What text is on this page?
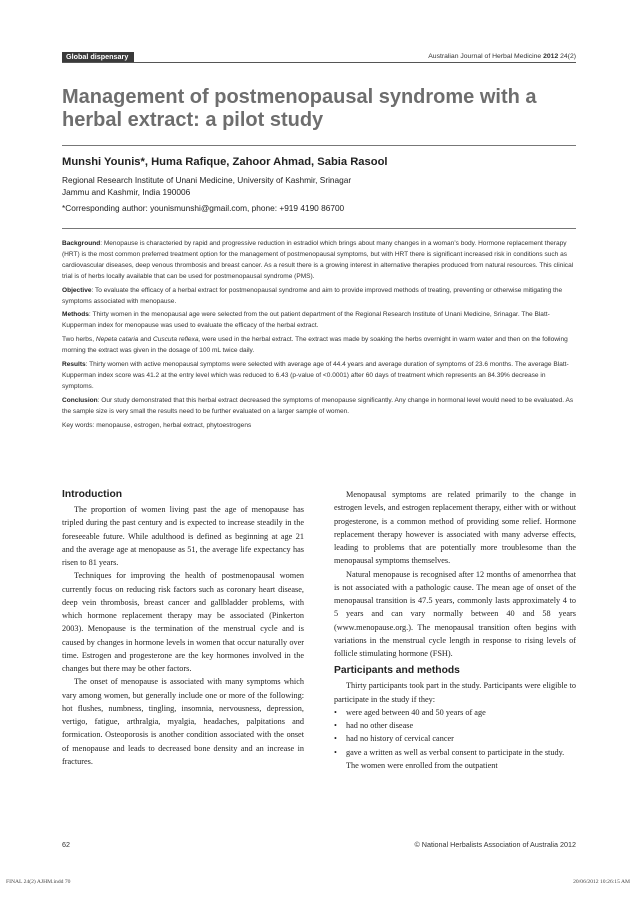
Global dispensary	Australian Journal of Herbal Medicine 2012 24(2)
Management of postmenopausal syndrome with a herbal extract: a pilot study
Munshi Younis*, Huma Rafique, Zahoor Ahmad, Sabia Rasool
Regional Research Institute of Unani Medicine, University of Kashmir, Srinagar
Jammu and Kashmir, India 190006
*Corresponding author: younismunshi@gmail.com, phone: +919 4190 86700

Background: Menopause is characteried by rapid and progressive reduction in estradiol which brings about many changes in a woman’s body. Hormone replacement therapy (HRT) is the most common preferred treatment option for the management of postmenopausal symptoms, but with HRT there is significant increased risk in conditions such as cardiovascular diseases, deep venous thrombosis and breast cancer. As a result there is a growing interest in alternative therapies produced from natural resources. This clinical trial is of herbs locally available that can be used for postmenopausal syndrome (PMS).

Objective: To evaluate the efficacy of a herbal extract for postmenopausal syndrome and aim to provide improved methods of treating, preventing or otherwise mitigating the symptoms associated with menopause.

Methods: Thirty women in the menopausal age were selected from the out patient department of the Regional Research Institute of Unani Medicine, Srinagar. The Blatt-Kupperman index for menopause was used to evaluate the efficacy of the herbal extract.

Two herbs, Nepeta cataria and Cuscuta reflexa, were used in the herbal extract. The extract was made by soaking the herbs overnight in warm water and then on the following morning the extract was given in the dosage of 100 mL twice daily.

Results: Thirty women with active menopausal symptoms were selected with average age of 44.4 years and average duration of symptoms of 23.6 months. The average Blatt-Kupperman index score was 41.2 at the entry level which was reduced to 6.43 (p-value of <0.0001) after 60 days of treatment which represents an 84.39% decrease in symptoms.

Conclusion: Our study demonstrated that this herbal extract decreased the symptoms of menopause significantly. Any change in hormonal level would need to be evaluated. As the sample size is very small the results need to be further evaluated on a larger sample of women.

Key words: menopause, estrogen, herbal extract, phytoestrogens

Introduction

The proportion of women living past the age of menopause has tripled during the past century and is expected to increase steadily in the foreseeable future. While adulthood is defined as beginning at age 21 and the average age at menopause as 51, the average life expectancy has risen to 81 years.

Techniques for improving the health of postmenopausal women currently focus on reducing risk factors such as coronary heart disease, deep vein thrombosis, breast cancer and gallbladder problems, with which hormone replacement therapy may be associated (Pinkerton 2003). Menopause is the termination of the menstrual cycle and is caused by changes in hormone levels in women that occur naturally over time. Estrogen and progesterone are the key hormones involved in the changes but there may be other factors.

The onset of menopause is associated with many symptoms which vary among women, but generally include one or more of the following: hot flushes, numbness, tingling, insomnia, nervousness, depression, vertigo, fatigue, arthralgia, myalgia, headaches, palpitations and formication. Osteoporosis is another condition associated with the onset of menopause and leads to decreased bone density and an increase in fractures.

Menopausal symptoms are related primarily to the change in estrogen levels, and estrogen replacement therapy, either with or without progesterone, is a common method of providing some relief. Hormone replacement therapy however is associated with many adverse effects, leading to problems that are potentially more troublesome than the menopausal symptoms themselves.

Natural menopause is recognised after 12 months of amenorrhea that is not associated with a pathologic cause. The mean age of onset of the menopausal transition is 47.5 years, commonly lasts approximately 4 to 5 years and can vary normally between 40 and 58 years (www.menopause.org.). The menopausal transition often begins with variations in the menstrual cycle length in response to rising levels of follicle stimulating hormone (FSH).

Participants and methods

Thirty participants took part in the study. Participants were eligible to participate in the study if they:

• were aged between 40 and 50 years of age
• had no other disease
• had no history of cervical cancer
• gave a written as well as verbal consent to participate in the study.

The women were enrolled from the outpatient

62	© National Herbalists Association of Australia 2012
FINAL 24(2) AJHM.indd 70	20/06/2012 10:26:15 AM
